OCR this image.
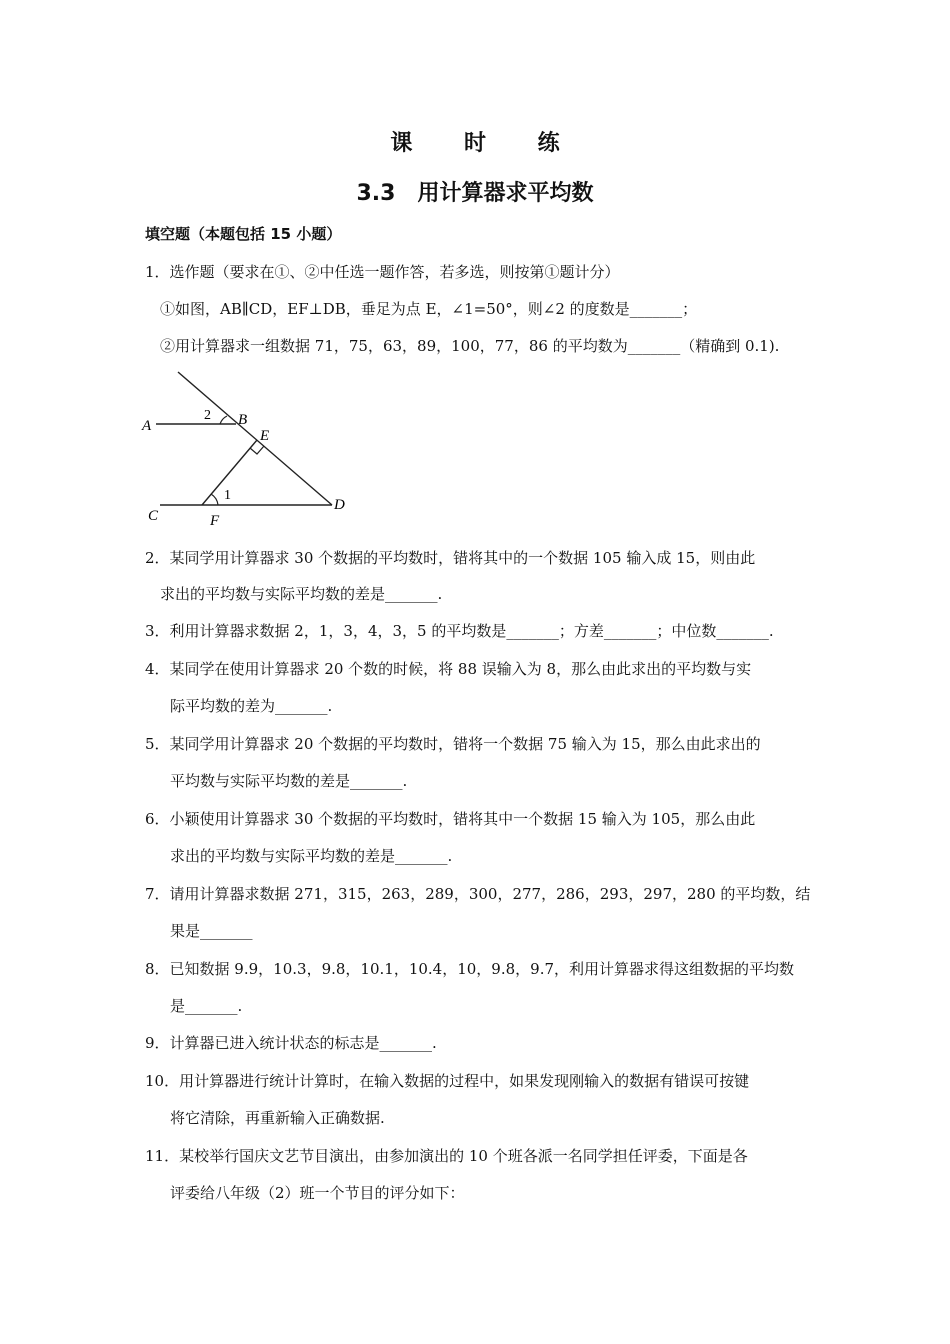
课 时 练
3.3　用计算器求平均数
填空题（本题包括 15 小题）
1．选作题（要求在①、②中任选一题作答，若多选，则按第①题计分）
①如图，AB∥CD，EF⊥DB，垂足为点 E，∠1=50°，则∠2 的度数是_______；
②用计算器求一组数据 71，75，63，89，100，77，86 的平均数为_______（精确到 0.1).
A	B
E
C	F
D
2
1
2．某同学用计算器求 30 个数据的平均数时，错将其中的一个数据 105 输入成 15，则由此
求出的平均数与实际平均数的差是_______.
3．利用计算器求数据 2，1，3，4，3，5 的平均数是_______；方差_______；中位数_______.
4．某同学在使用计算器求 20 个数的时候，将 88 误输入为 8，那么由此求出的平均数与实
际平均数的差为_______.
5．某同学用计算器求 20 个数据的平均数时，错将一个数据 75 输入为 15，那么由此求出的
平均数与实际平均数的差是_______.
6．小颖使用计算器求 30 个数据的平均数时，错将其中一个数据 15 输入为 105，那么由此
求出的平均数与实际平均数的差是_______.
7．请用计算器求数据 271，315，263，289，300，277，286，293，297，280 的平均数，结
果是_______
8．已知数据 9.9，10.3，9.8，10.1，10.4，10，9.8，9.7，利用计算器求得这组数据的平均数
是_______.
9．计算器已进入统计状态的标志是_______.
10．用计算器进行统计计算时，在输入数据的过程中，如果发现刚输入的数据有错误可按键
将它清除，再重新输入正确数据.
11．某校举行国庆文艺节目演出，由参加演出的 10 个班各派一名同学担任评委，下面是各
评委给八年级（2）班一个节目的评分如下：
